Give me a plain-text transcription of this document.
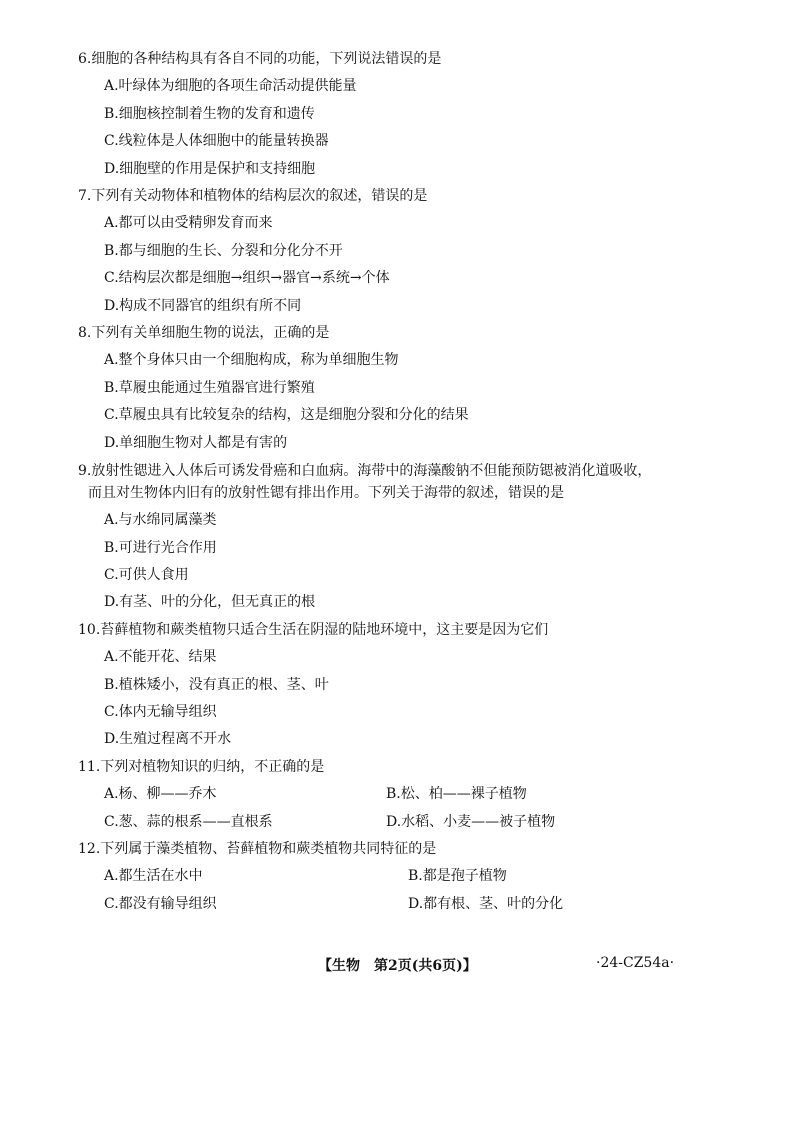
6.细胞的各种结构具有各自不同的功能，下列说法错误的是
A.叶绿体为细胞的各项生命活动提供能量
B.细胞核控制着生物的发育和遗传
C.线粒体是人体细胞中的能量转换器
D.细胞壁的作用是保护和支持细胞
7.下列有关动物体和植物体的结构层次的叙述，错误的是
A.都可以由受精卵发育而来
B.都与细胞的生长、分裂和分化分不开
C.结构层次都是细胞→组织→器官→系统→个体
D.构成不同器官的组织有所不同
8.下列有关单细胞生物的说法，正确的是
A.整个身体只由一个细胞构成，称为单细胞生物
B.草履虫能通过生殖器官进行繁殖
C.草履虫具有比较复杂的结构，这是细胞分裂和分化的结果
D.单细胞生物对人都是有害的
9.放射性锶进入人体后可诱发骨癌和白血病。海带中的海藻酸钠不但能预防锶被消化道吸收，
而且对生物体内旧有的放射性锶有排出作用。下列关于海带的叙述，错误的是
A.与水绵同属藻类
B.可进行光合作用
C.可供人食用
D.有茎、叶的分化，但无真正的根
10.苔藓植物和蕨类植物只适合生活在阴湿的陆地环境中，这主要是因为它们
A.不能开花、结果
B.植株矮小，没有真正的根、茎、叶
C.体内无输导组织
D.生殖过程离不开水
11.下列对植物知识的归纳，不正确的是
A.杨、柳——乔木	B.松、柏——裸子植物
C.葱、蒜的根系——直根系	D.水稻、小麦——被子植物
12.下列属于藻类植物、苔藓植物和蕨类植物共同特征的是
A.都生活在水中	B.都是孢子植物
C.都没有输导组织	D.都有根、茎、叶的分化
【生物　第2页(共6页)】	·24-CZ54a·
